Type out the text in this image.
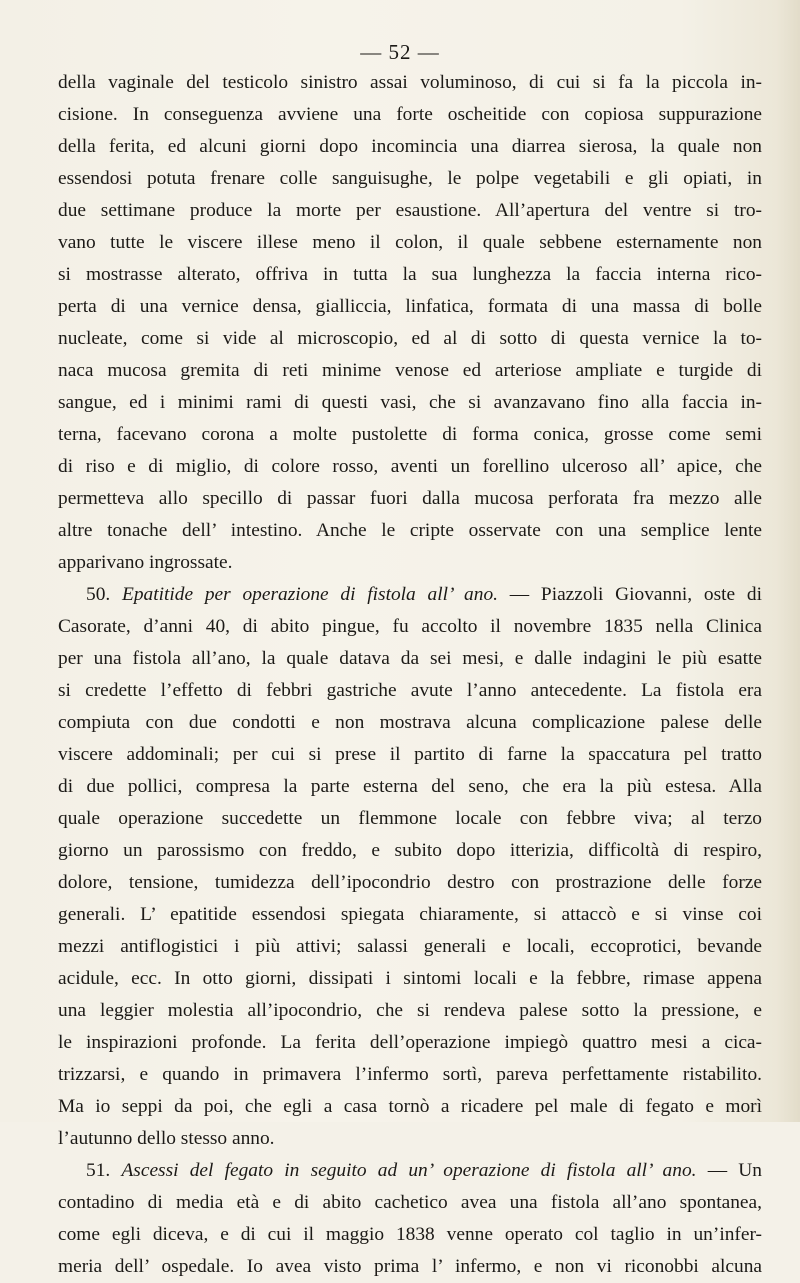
— 52 —
della vaginale del testicolo sinistro assai voluminoso, di cui si fa la piccola in-
cisione. In conseguenza avviene una forte oscheitide con copiosa suppurazione
della ferita, ed alcuni giorni dopo incomincia una diarrea sierosa, la quale non
essendosi potuta frenare colle sanguisughe, le polpe vegetabili e gli opiati, in
due settimane produce la morte per esaustione. All’apertura del ventre si tro-
vano tutte le viscere illese meno il colon, il quale sebbene esternamente non
si mostrasse alterato, offriva in tutta la sua lunghezza la faccia interna rico-
perta di una vernice densa, gialliccia, linfatica, formata di una massa di bolle
nucleate, come si vide al microscopio, ed al di sotto di questa vernice la to-
naca mucosa gremita di reti minime venose ed arteriose ampliate e turgide di
sangue, ed i minimi rami di questi vasi, che si avanzavano fino alla faccia in-
terna, facevano corona a molte pustolette di forma conica, grosse come semi
di riso e di miglio, di colore rosso, aventi un forellino ulceroso all’ apice, che
permetteva allo specillo di passar fuori dalla mucosa perforata fra mezzo alle
altre tonache dell’ intestino. Anche le cripte osservate con una semplice lente
apparivano ingrossate.
50. Epatitide per operazione di fistola all’ ano. — Piazzoli Giovanni, oste di
Casorate, d’anni 40, di abito pingue, fu accolto il novembre 1835 nella Clinica
per una fistola all’ano, la quale datava da sei mesi, e dalle indagini le più esatte
si credette l’effetto di febbri gastriche avute l’anno antecedente. La fistola era
compiuta con due condotti e non mostrava alcuna complicazione palese delle
viscere addominali; per cui si prese il partito di farne la spaccatura pel tratto
di due pollici, compresa la parte esterna del seno, che era la più estesa. Alla
quale operazione succedette un flemmone locale con febbre viva; al terzo
giorno un parossismo con freddo, e subito dopo itterizia, difficoltà di respiro,
dolore, tensione, tumidezza dell’ipocondrio destro con prostrazione delle forze
generali. L’ epatitide essendosi spiegata chiaramente, si attaccò e si vinse coi
mezzi antiflogistici i più attivi; salassi generali e locali, eccoprotici, bevande
acidule, ecc. In otto giorni, dissipati i sintomi locali e la febbre, rimase appena
una leggier molestia all’ipocondrio, che si rendeva palese sotto la pressione, e
le inspirazioni profonde. La ferita dell’operazione impiegò quattro mesi a cica-
trizzarsi, e quando in primavera l’infermo sortì, pareva perfettamente ristabilito.
Ma io seppi da poi, che egli a casa tornò a ricadere pel male di fegato e morì
l’autunno dello stesso anno.
51. Ascessi del fegato in seguito ad un’ operazione di fistola all’ ano. — Un
contadino di media età e di abito cachetico avea una fistola all’ano spontanea,
come egli diceva, e di cui il maggio 1838 venne operato col taglio in un’infer-
meria dell’ ospedale. Io avea visto prima l’ infermo, e non vi riconobbi alcuna
